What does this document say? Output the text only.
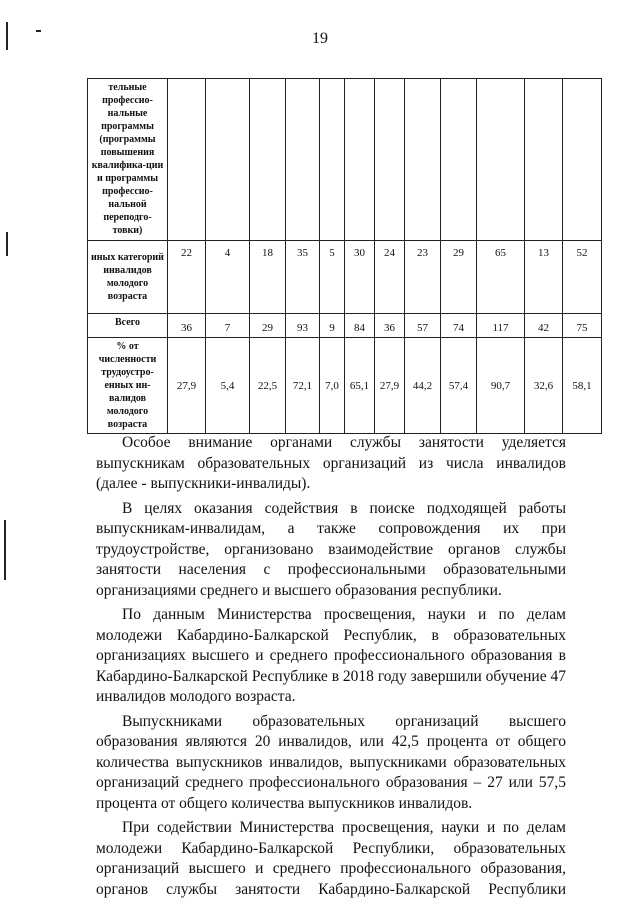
19
тельные профессио-нальные программы (программы повышения квалифика-ции и программы профессио-нальной переподго-товки)												
иных категорий инвалидов молодого возраста	22	4	18	35	5	30	24	23	29	65	13	52
Всего	36	7	29	93	9	84	36	57	74	117	42	75
% от численности трудоустро-енных ин-валидов молодого возраста	27,9	5,4	22,5	72,1	7,0	65,1	27,9	44,2	57,4	90,7	32,6	58,1

Особое внимание органами службы занятости уделяется выпускникам образовательных организаций из числа инвалидов (далее - выпускники-инвалиды).

В целях оказания содействия в поиске подходящей работы выпускникам-инвалидам, а также сопровождения их при трудоустройстве, организовано взаимодействие органов службы занятости населения с профессиональными образовательными организациями среднего и высшего образования республики.

По данным Министерства просвещения, науки и по делам молодежи Кабардино-Балкарской Республик, в образовательных организациях высшего и среднего профессионального образования в Кабардино-Балкарской Республике в 2018 году завершили обучение 47 инвалидов молодого возраста.

Выпускниками образовательных организаций высшего образования являются 20 инвалидов, или 42,5 процента от общего количества выпускников инвалидов, выпускниками образовательных организаций среднего профессионального образования – 27 или 57,5 процента от общего количества выпускников инвалидов.

При содействии Министерства просвещения, науки и по делам молодежи Кабардино-Балкарской Республики, образовательных организаций высшего и среднего профессионального образования, органов службы занятости Кабардино-Балкарской Республики
